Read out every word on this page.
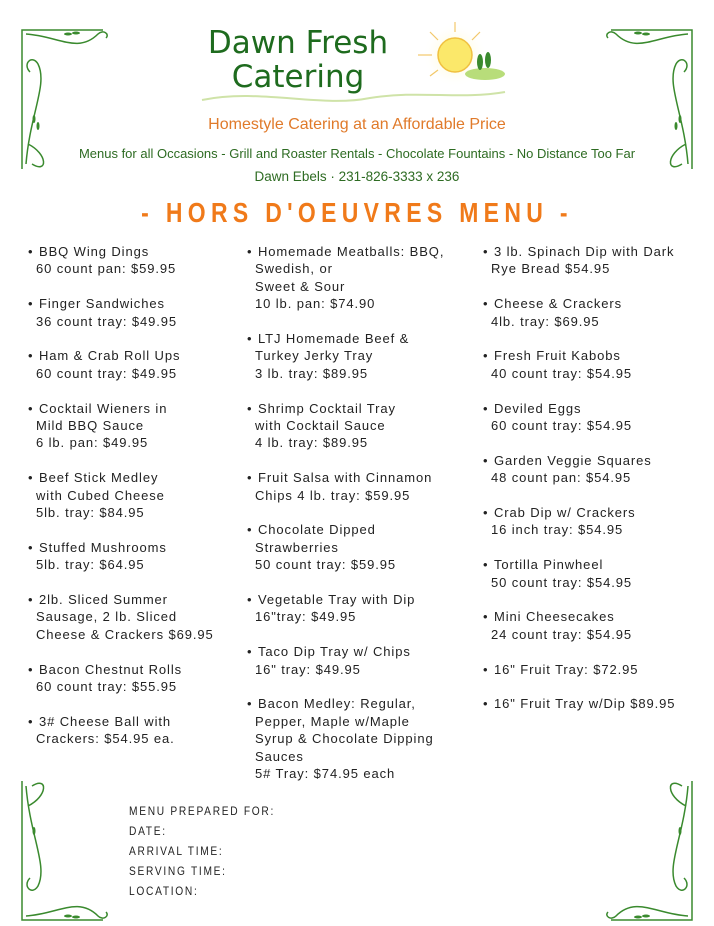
Dawn Fresh
Catering
Homestyle Catering at an Affordable Price
Menus for all Occasions - Grill and Roaster Rentals - Chocolate Fountains - No Distance Too Far
Dawn Ebels · 231-826-3333 x 236
- HORS D'OEUVRES MENU -
• BBQ Wing Dings
60 count pan: $59.95
• Finger Sandwiches
36 count tray: $49.95
• Ham & Crab Roll Ups
60 count tray: $49.95
• Cocktail Wieners in
Mild BBQ Sauce
6 lb. pan: $49.95
• Beef Stick Medley
with Cubed Cheese
5lb. tray: $84.95
• Stuffed Mushrooms
5lb. tray: $64.95
• 2lb. Sliced Summer
Sausage, 2 lb. Sliced
Cheese & Crackers $69.95
• Bacon Chestnut Rolls
60 count tray: $55.95
• 3# Cheese Ball with
Crackers: $54.95 ea.
• Homemade Meatballs: BBQ,
Swedish, or
Sweet & Sour
10 lb. pan: $74.90
• LTJ Homemade Beef &
Turkey Jerky Tray
3 lb. tray: $89.95
• Shrimp Cocktail Tray
with Cocktail Sauce
4 lb. tray: $89.95
• Fruit Salsa with Cinnamon
Chips 4 lb. tray: $59.95
• Chocolate Dipped
Strawberries
50 count tray: $59.95
• Vegetable Tray with Dip
16"tray: $49.95
• Taco Dip Tray w/ Chips
16" tray: $49.95
• Bacon Medley: Regular,
Pepper, Maple w/Maple
Syrup & Chocolate Dipping
Sauces
5# Tray: $74.95 each
• 3 lb. Spinach Dip with Dark
Rye Bread $54.95
• Cheese & Crackers
4lb. tray: $69.95
• Fresh Fruit Kabobs
40 count tray: $54.95
• Deviled Eggs
60 count tray: $54.95
• Garden Veggie Squares
48 count pan: $54.95
• Crab Dip w/ Crackers
16 inch tray: $54.95
• Tortilla Pinwheel
50 count tray: $54.95
• Mini Cheesecakes
24 count tray: $54.95
• 16" Fruit Tray: $72.95
• 16" Fruit Tray w/Dip $89.95
MENU PREPARED FOR:
DATE:
ARRIVAL TIME:
SERVING TIME:
LOCATION:
